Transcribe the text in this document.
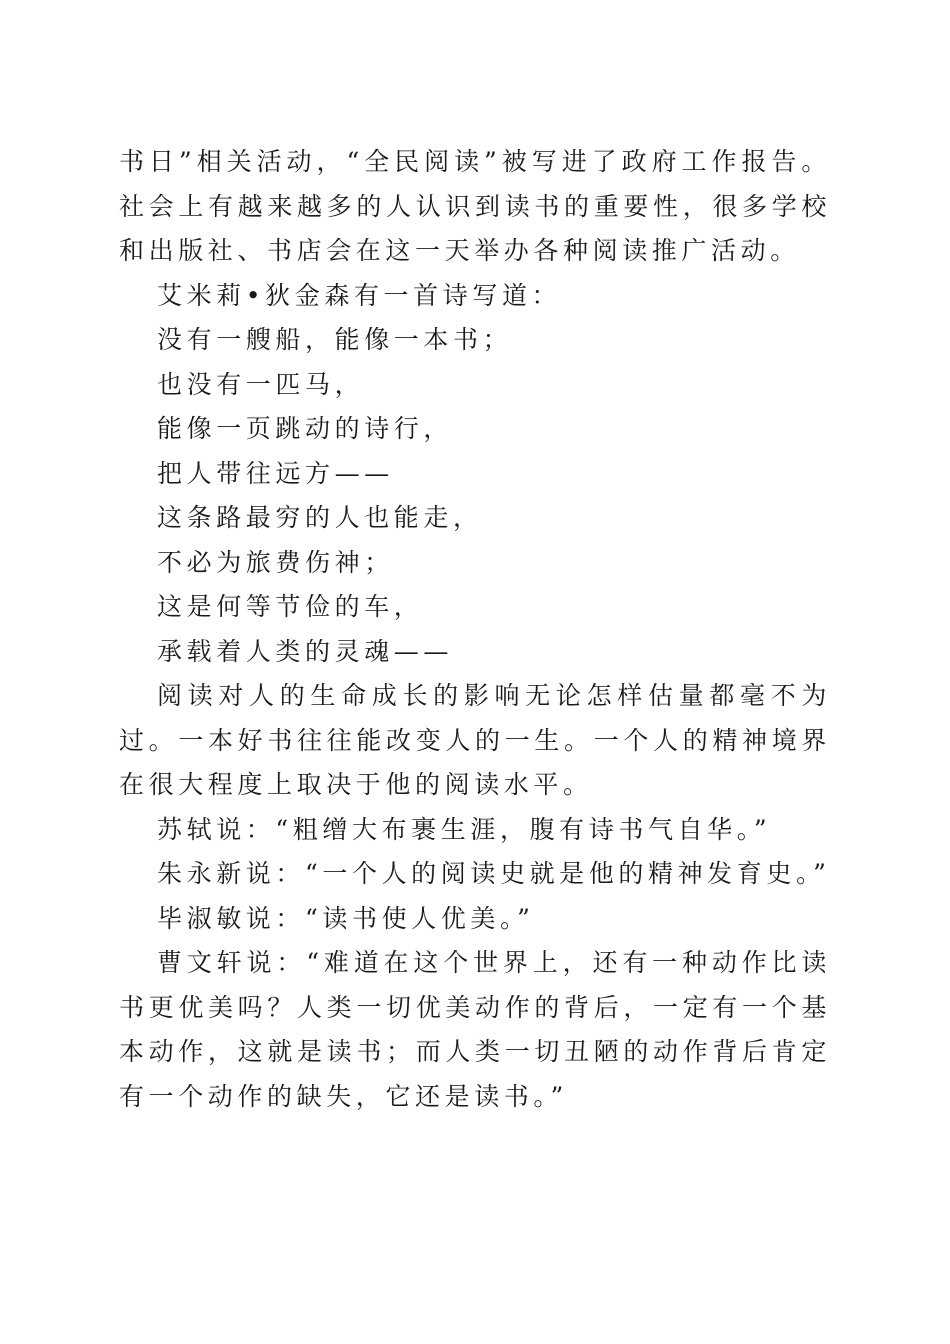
书日”相关活动，“全民阅读”被写进了政府工作报告。社会上有越来越多的人认识到读书的重要性，很多学校和出版社、书店会在这一天举办各种阅读推广活动。

艾米莉•狄金森有一首诗写道：

没有一艘船，能像一本书；

也没有一匹马，

能像一页跳动的诗行，

把人带往远方——

这条路最穷的人也能走，

不必为旅费伤神；

这是何等节俭的车，

承载着人类的灵魂——

阅读对人的生命成长的影响无论怎样估量都毫不为过。一本好书往往能改变人的一生。一个人的精神境界在很大程度上取决于他的阅读水平。

苏轼说：“粗缯大布裹生涯，腹有诗书气自华。”

朱永新说：“一个人的阅读史就是他的精神发育史。”

毕淑敏说：“读书使人优美。”

曹文轩说：“难道在这个世界上，还有一种动作比读书更优美吗？人类一切优美动作的背后，一定有一个基本动作，这就是读书；而人类一切丑陋的动作背后肯定有一个动作的缺失，它还是读书。”
